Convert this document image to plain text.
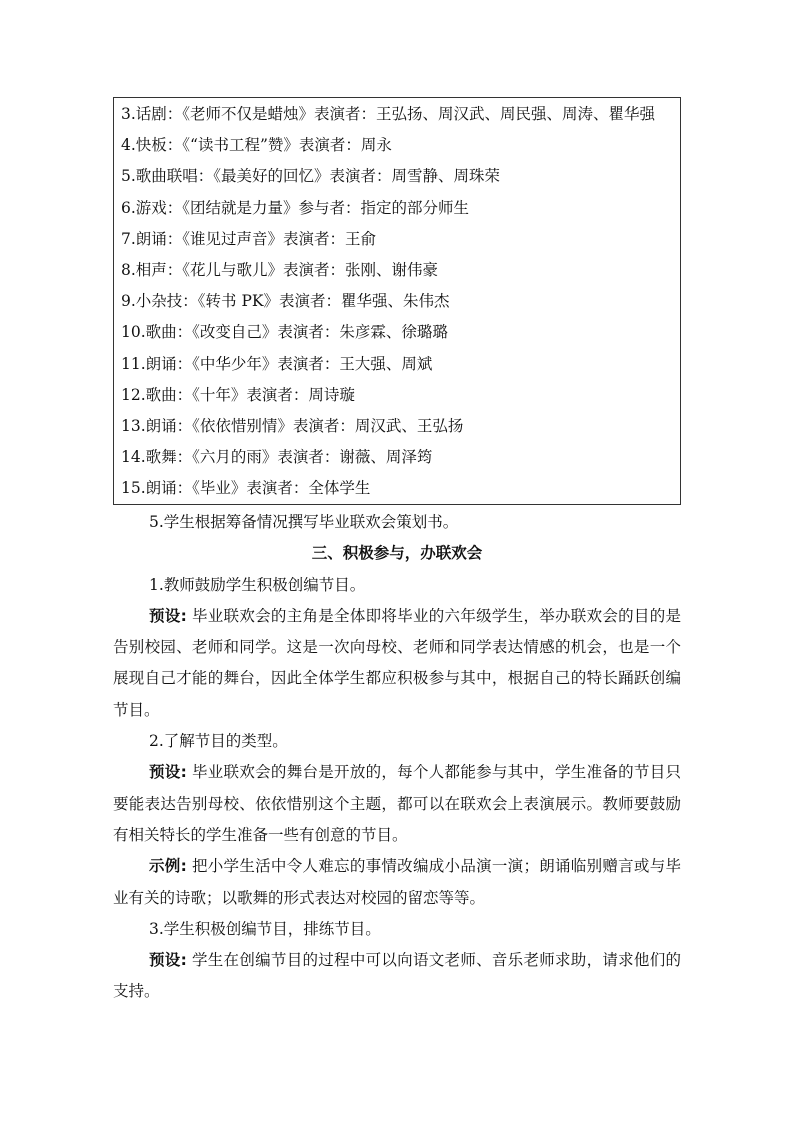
3.话剧：《老师不仅是蜡烛》表演者：王弘扬、周汉武、周民强、周涛、瞿华强
4.快板：《“读书工程”赞》表演者：周永
5.歌曲联唱：《最美好的回忆》表演者：周雪静、周珠荣
6.游戏：《团结就是力量》参与者：指定的部分师生
7.朗诵：《谁见过声音》表演者：王俞
8.相声：《花儿与歌儿》表演者：张刚、谢伟豪
9.小杂技：《转书 PK》表演者：瞿华强、朱伟杰
10.歌曲：《改变自己》表演者：朱彦霖、徐璐璐
11.朗诵：《中华少年》表演者：王大强、周斌
12.歌曲：《十年》表演者：周诗璇
13.朗诵：《依依惜别情》表演者：周汉武、王弘扬
14.歌舞：《六月的雨》表演者：谢薇、周泽筠
15.朗诵：《毕业》表演者：全体学生

5.学生根据筹备情况撰写毕业联欢会策划书。

三、积极参与，办联欢会

1.教师鼓励学生积极创编节目。

预设: 毕业联欢会的主角是全体即将毕业的六年级学生，举办联欢会的目的是告别校园、老师和同学。这是一次向母校、老师和同学表达情感的机会，也是一个展现自己才能的舞台，因此全体学生都应积极参与其中，根据自己的特长踊跃创编节目。

2.了解节目的类型。

预设: 毕业联欢会的舞台是开放的，每个人都能参与其中，学生准备的节目只要能表达告别母校、依依惜别这个主题，都可以在联欢会上表演展示。教师要鼓励有相关特长的学生准备一些有创意的节目。

示例: 把小学生活中令人难忘的事情改编成小品演一演；朗诵临别赠言或与毕业有关的诗歌；以歌舞的形式表达对校园的留恋等等。

3.学生积极创编节目，排练节目。

预设: 学生在创编节目的过程中可以向语文老师、音乐老师求助，请求他们的支持。
